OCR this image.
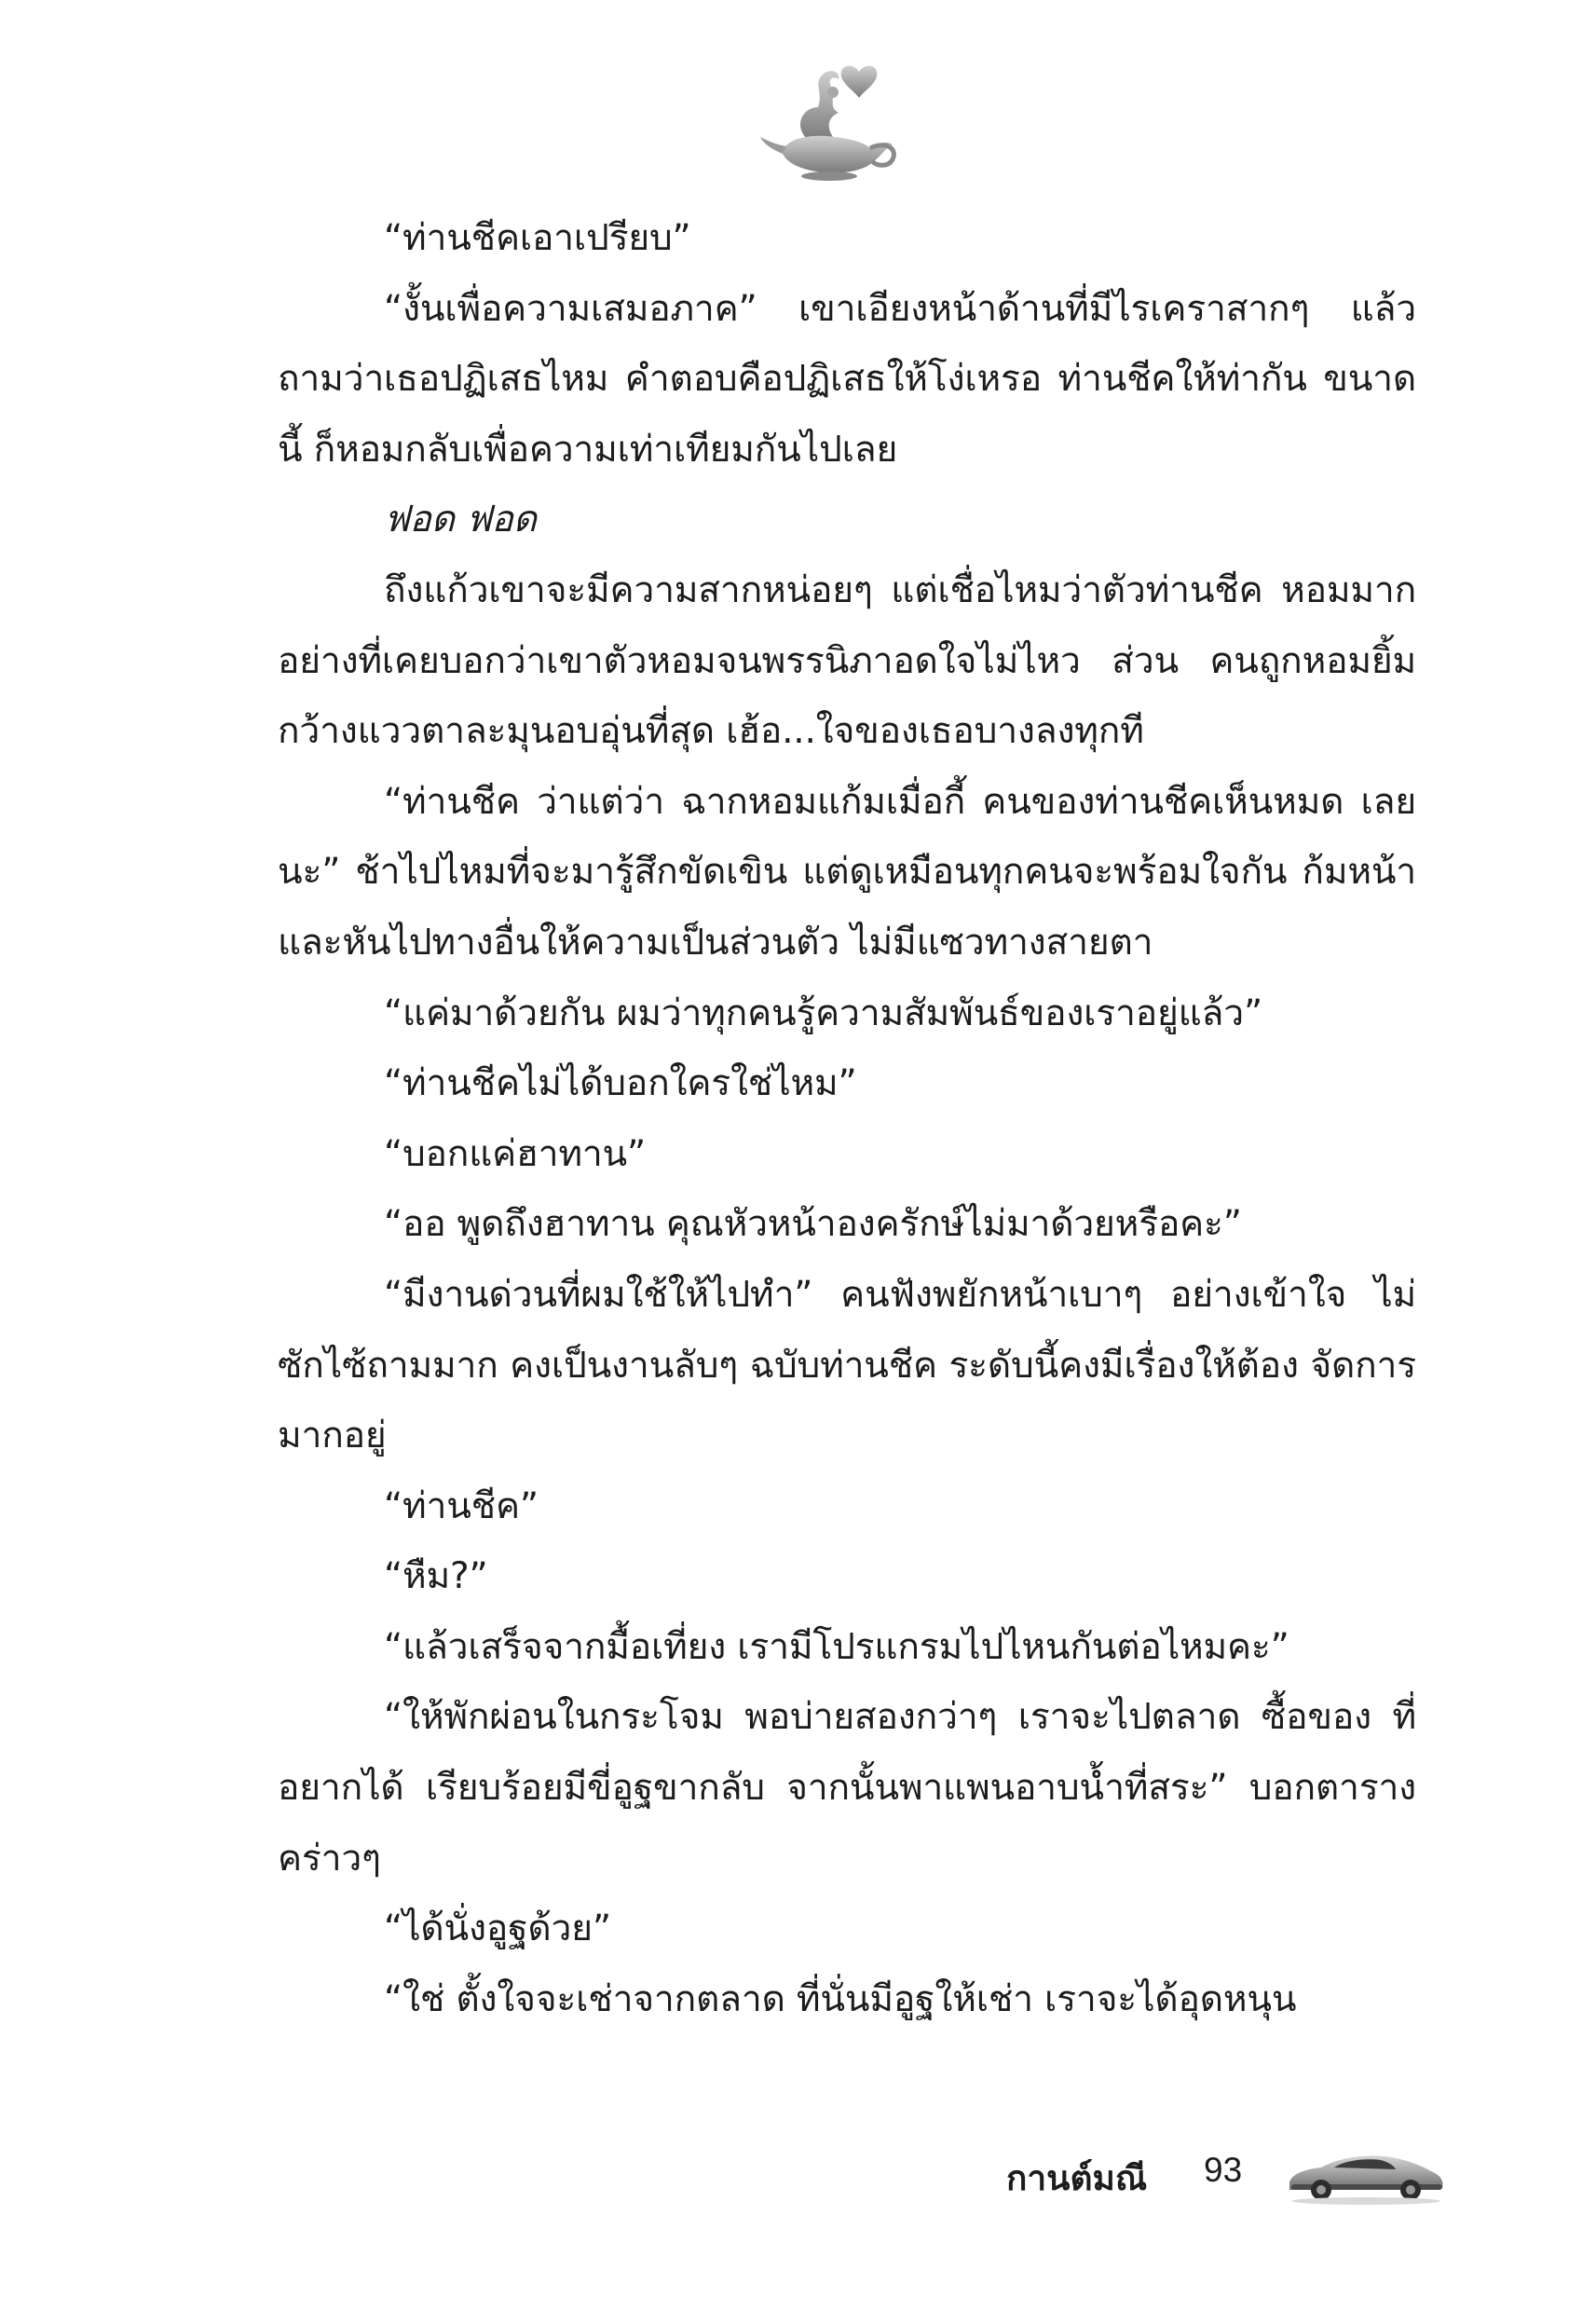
“ท่านชีคเอาเปรียบ”

“งั้นเพื่อความเสมอภาค” เขาเอียงหน้าด้านที่มีไรเคราสากๆ แล้ว ถามว่าเธอปฏิเสธไหม คำตอบคือปฏิเสธให้โง่เหรอ ท่านชีคให้ท่ากัน ขนาดนี้ ก็หอมกลับเพื่อความเท่าเทียมกันไปเลย

ฟอด ฟอด

ถึงแก้วเขาจะมีความสากหน่อยๆ แต่เชื่อไหมว่าตัวท่านชีค หอมมาก อย่างที่เคยบอกว่าเขาตัวหอมจนพรรนิภาอดใจไม่ไหว ส่วน คนถูกหอมยิ้มกว้างแววตาละมุนอบอุ่นที่สุด เฮ้อ...ใจของเธอบางลงทุกที

“ท่านชีค ว่าแต่ว่า ฉากหอมแก้มเมื่อกี้ คนของท่านชีคเห็นหมด เลยนะ” ช้าไปไหมที่จะมารู้สึกขัดเขิน แต่ดูเหมือนทุกคนจะพร้อมใจกัน ก้มหน้าและหันไปทางอื่นให้ความเป็นส่วนตัว ไม่มีแซวทางสายตา

“แค่มาด้วยกัน ผมว่าทุกคนรู้ความสัมพันธ์ของเราอยู่แล้ว”

“ท่านชีคไม่ได้บอกใครใช่ไหม”

“บอกแค่ฮาทาน”

“ออ พูดถึงฮาทาน คุณหัวหน้าองครักษ์ไม่มาด้วยหรือคะ”

“มีงานด่วนที่ผมใช้ให้ไปทำ” คนฟังพยักหน้าเบาๆ อย่างเข้าใจ ไม่ซักไซ้ถามมาก คงเป็นงานลับๆ ฉบับท่านชีค ระดับนี้คงมีเรื่องให้ต้อง จัดการมากอยู่

“ท่านชีค”

“หืม?”

“แล้วเสร็จจากมื้อเที่ยง เรามีโปรแกรมไปไหนกันต่อไหมคะ”

“ให้พักผ่อนในกระโจม พอบ่ายสองกว่าๆ เราจะไปตลาด ซื้อของ ที่อยากได้ เรียบร้อยมีขี่อูฐขากลับ จากนั้นพาแพนอาบน้ำที่สระ” บอกตารางคร่าวๆ

“ได้นั่งอูฐด้วย”

“ใช่ ตั้งใจจะเช่าจากตลาด ที่นั่นมีอูฐให้เช่า เราจะได้อุดหนุน

กานต์มณี 93
